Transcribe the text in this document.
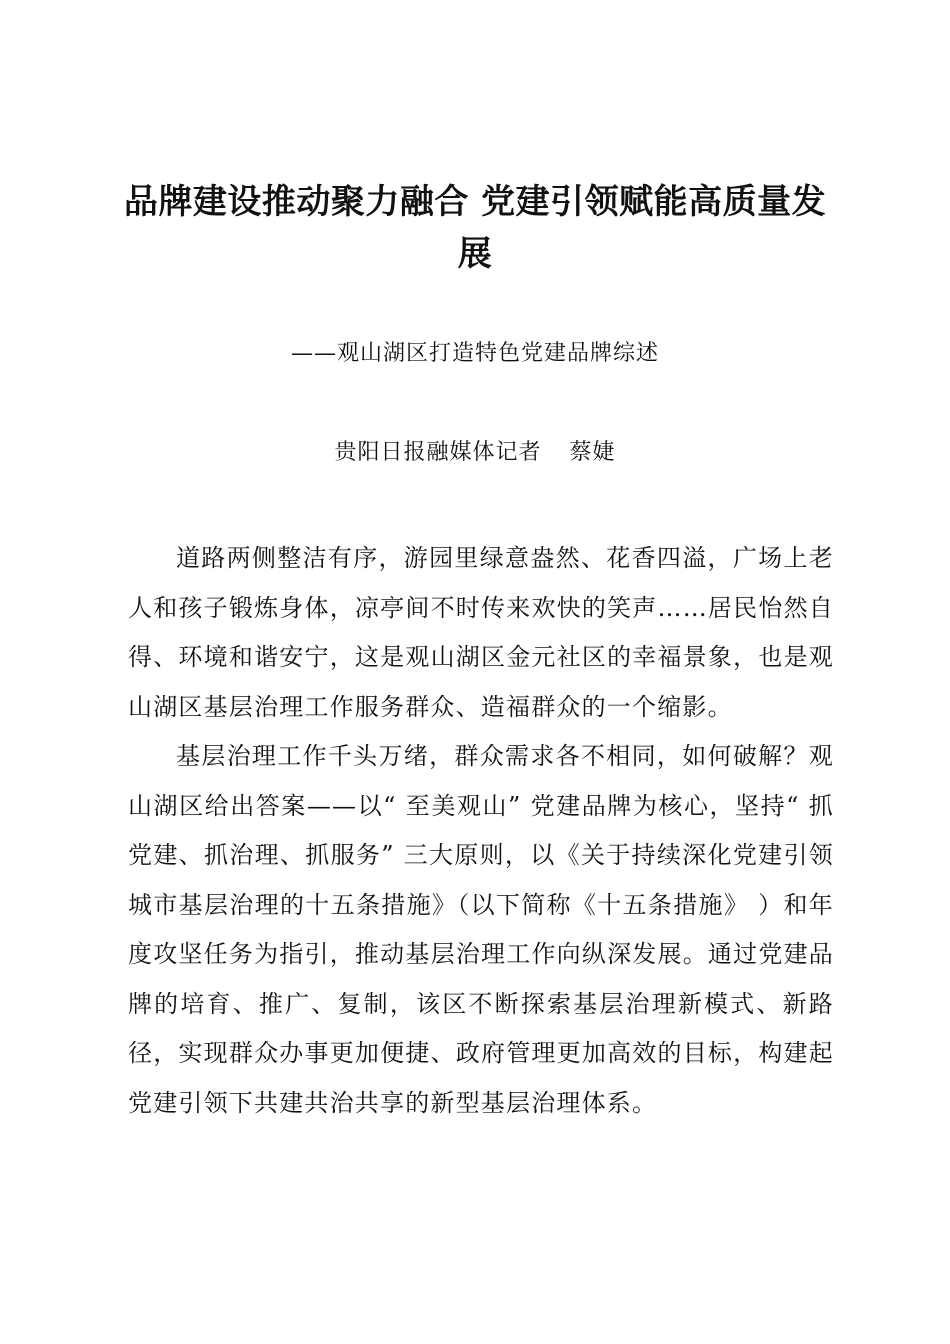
品牌建设推动聚力融合 党建引领赋能高质量发展

——观山湖区打造特色党建品牌综述

贵阳日报融媒体记者 蔡婕

道路两侧整洁有序，游园里绿意盎然、花香四溢，广场上老人和孩子锻炼身体，凉亭间不时传来欢快的笑声……居民怡然自得、环境和谐安宁，这是观山湖区金元社区的幸福景象，也是观山湖区基层治理工作服务群众、造福群众的一个缩影。

基层治理工作千头万绪，群众需求各不相同，如何破解？观山湖区给出答案——以“ 至美观山” 党建品牌为核心，坚持“ 抓党建、抓治理、抓服务” 三大原则，以《关于持续深化党建引领城市基层治理的十五条措施》（以下简称《十五条措施》 ）和年度攻坚任务为指引，推动基层治理工作向纵深发展。通过党建品牌的培育、推广、复制，该区不断探索基层治理新模式、新路径，实现群众办事更加便捷、政府管理更加高效的目标，构建起党建引领下共建共治共享的新型基层治理体系。
